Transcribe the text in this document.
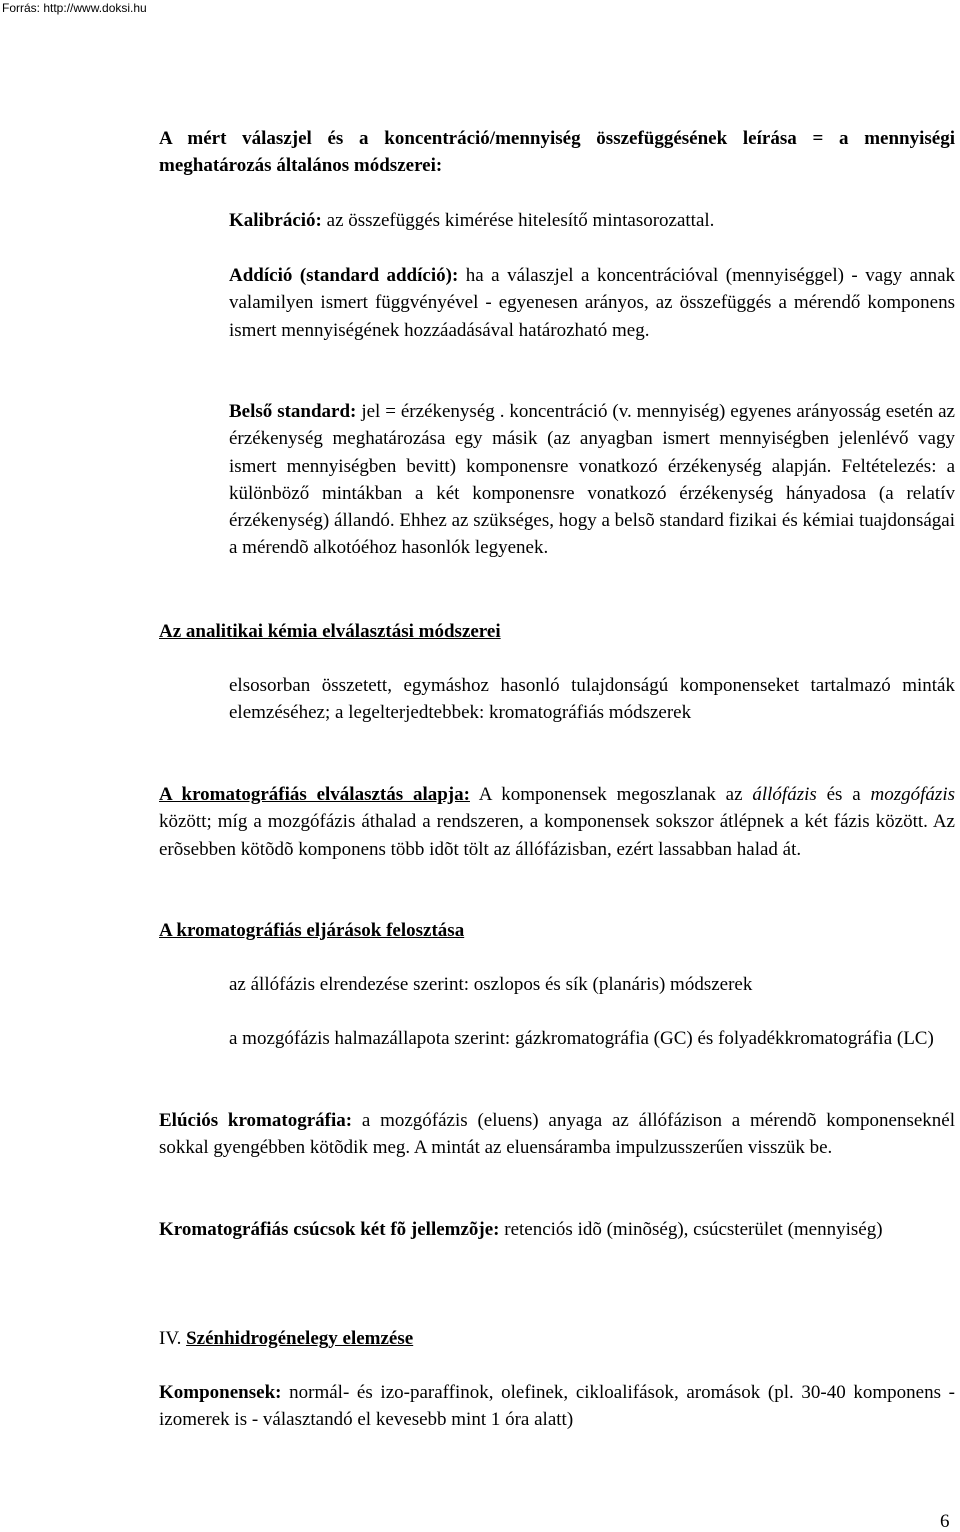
Forrás: http://www.doksi.hu

A mért válaszjel és a koncentráció/mennyiség összefüggésének leírása = a mennyiségi meghatározás általános módszerei:

Kalibráció: az összefüggés kimérése hitelesítő mintasorozattal.

Addíció (standard addíció): ha a válaszjel a koncentrációval (mennyiséggel) - vagy annak valamilyen ismert függvényével - egyenesen arányos, az összefüggés a mérendő komponens ismert mennyiségének hozzáadásával határozható meg.

Belső standard: jel = érzékenység . koncentráció (v. mennyiség) egyenes arányosság esetén az érzékenység meghatározása egy másik (az anyagban ismert mennyiségben jelenlévő vagy ismert mennyiségben bevitt) komponensre vonatkozó érzékenység alapján. Feltételezés: a különböző mintákban a két komponensre vonatkozó érzékenység hányadosa (a relatív érzékenység) állandó. Ehhez az szükséges, hogy a belsõ standard fizikai és kémiai tuajdonságai a mérendõ alkotóéhoz hasonlók legyenek.

Az analitikai kémia elválasztási módszerei

elsosorban összetett, egymáshoz hasonló tulajdonságú komponenseket tartalmazó minták elemzéséhez; a legelterjedtebbek: kromatográfiás módszerek

A kromatográfiás elválasztás alapja: A komponensek megoszlanak az állófázis és a mozgófázis között; míg a mozgófázis áthalad a rendszeren, a komponensek sokszor átlépnek a két fázis között. Az erõsebben kötõdõ komponens több idõt tölt az állófázisban, ezért lassabban halad át.

A kromatográfiás eljárások felosztása

az állófázis elrendezése szerint: oszlopos és sík (planáris) módszerek

a mozgófázis halmazállapota szerint: gázkromatográfia (GC) és folyadékkromatográfia (LC)

Elúciós kromatográfia: a mozgófázis (eluens) anyaga az állófázison a mérendõ komponenseknél sokkal gyengébben kötõdik meg. A mintát az eluensáramba impulzusszerűen visszük be.

Kromatográfiás csúcsok két fõ jellemzõje: retenciós idõ (minõség), csúcsterület (mennyiség)

IV. Szénhidrogénelegy elemzése

Komponensek: normál- és izo-paraffinok, olefinek, cikloalifások, aromások (pl. 30-40 komponens - izomerek is - választandó el kevesebb mint 1 óra alatt)

6
